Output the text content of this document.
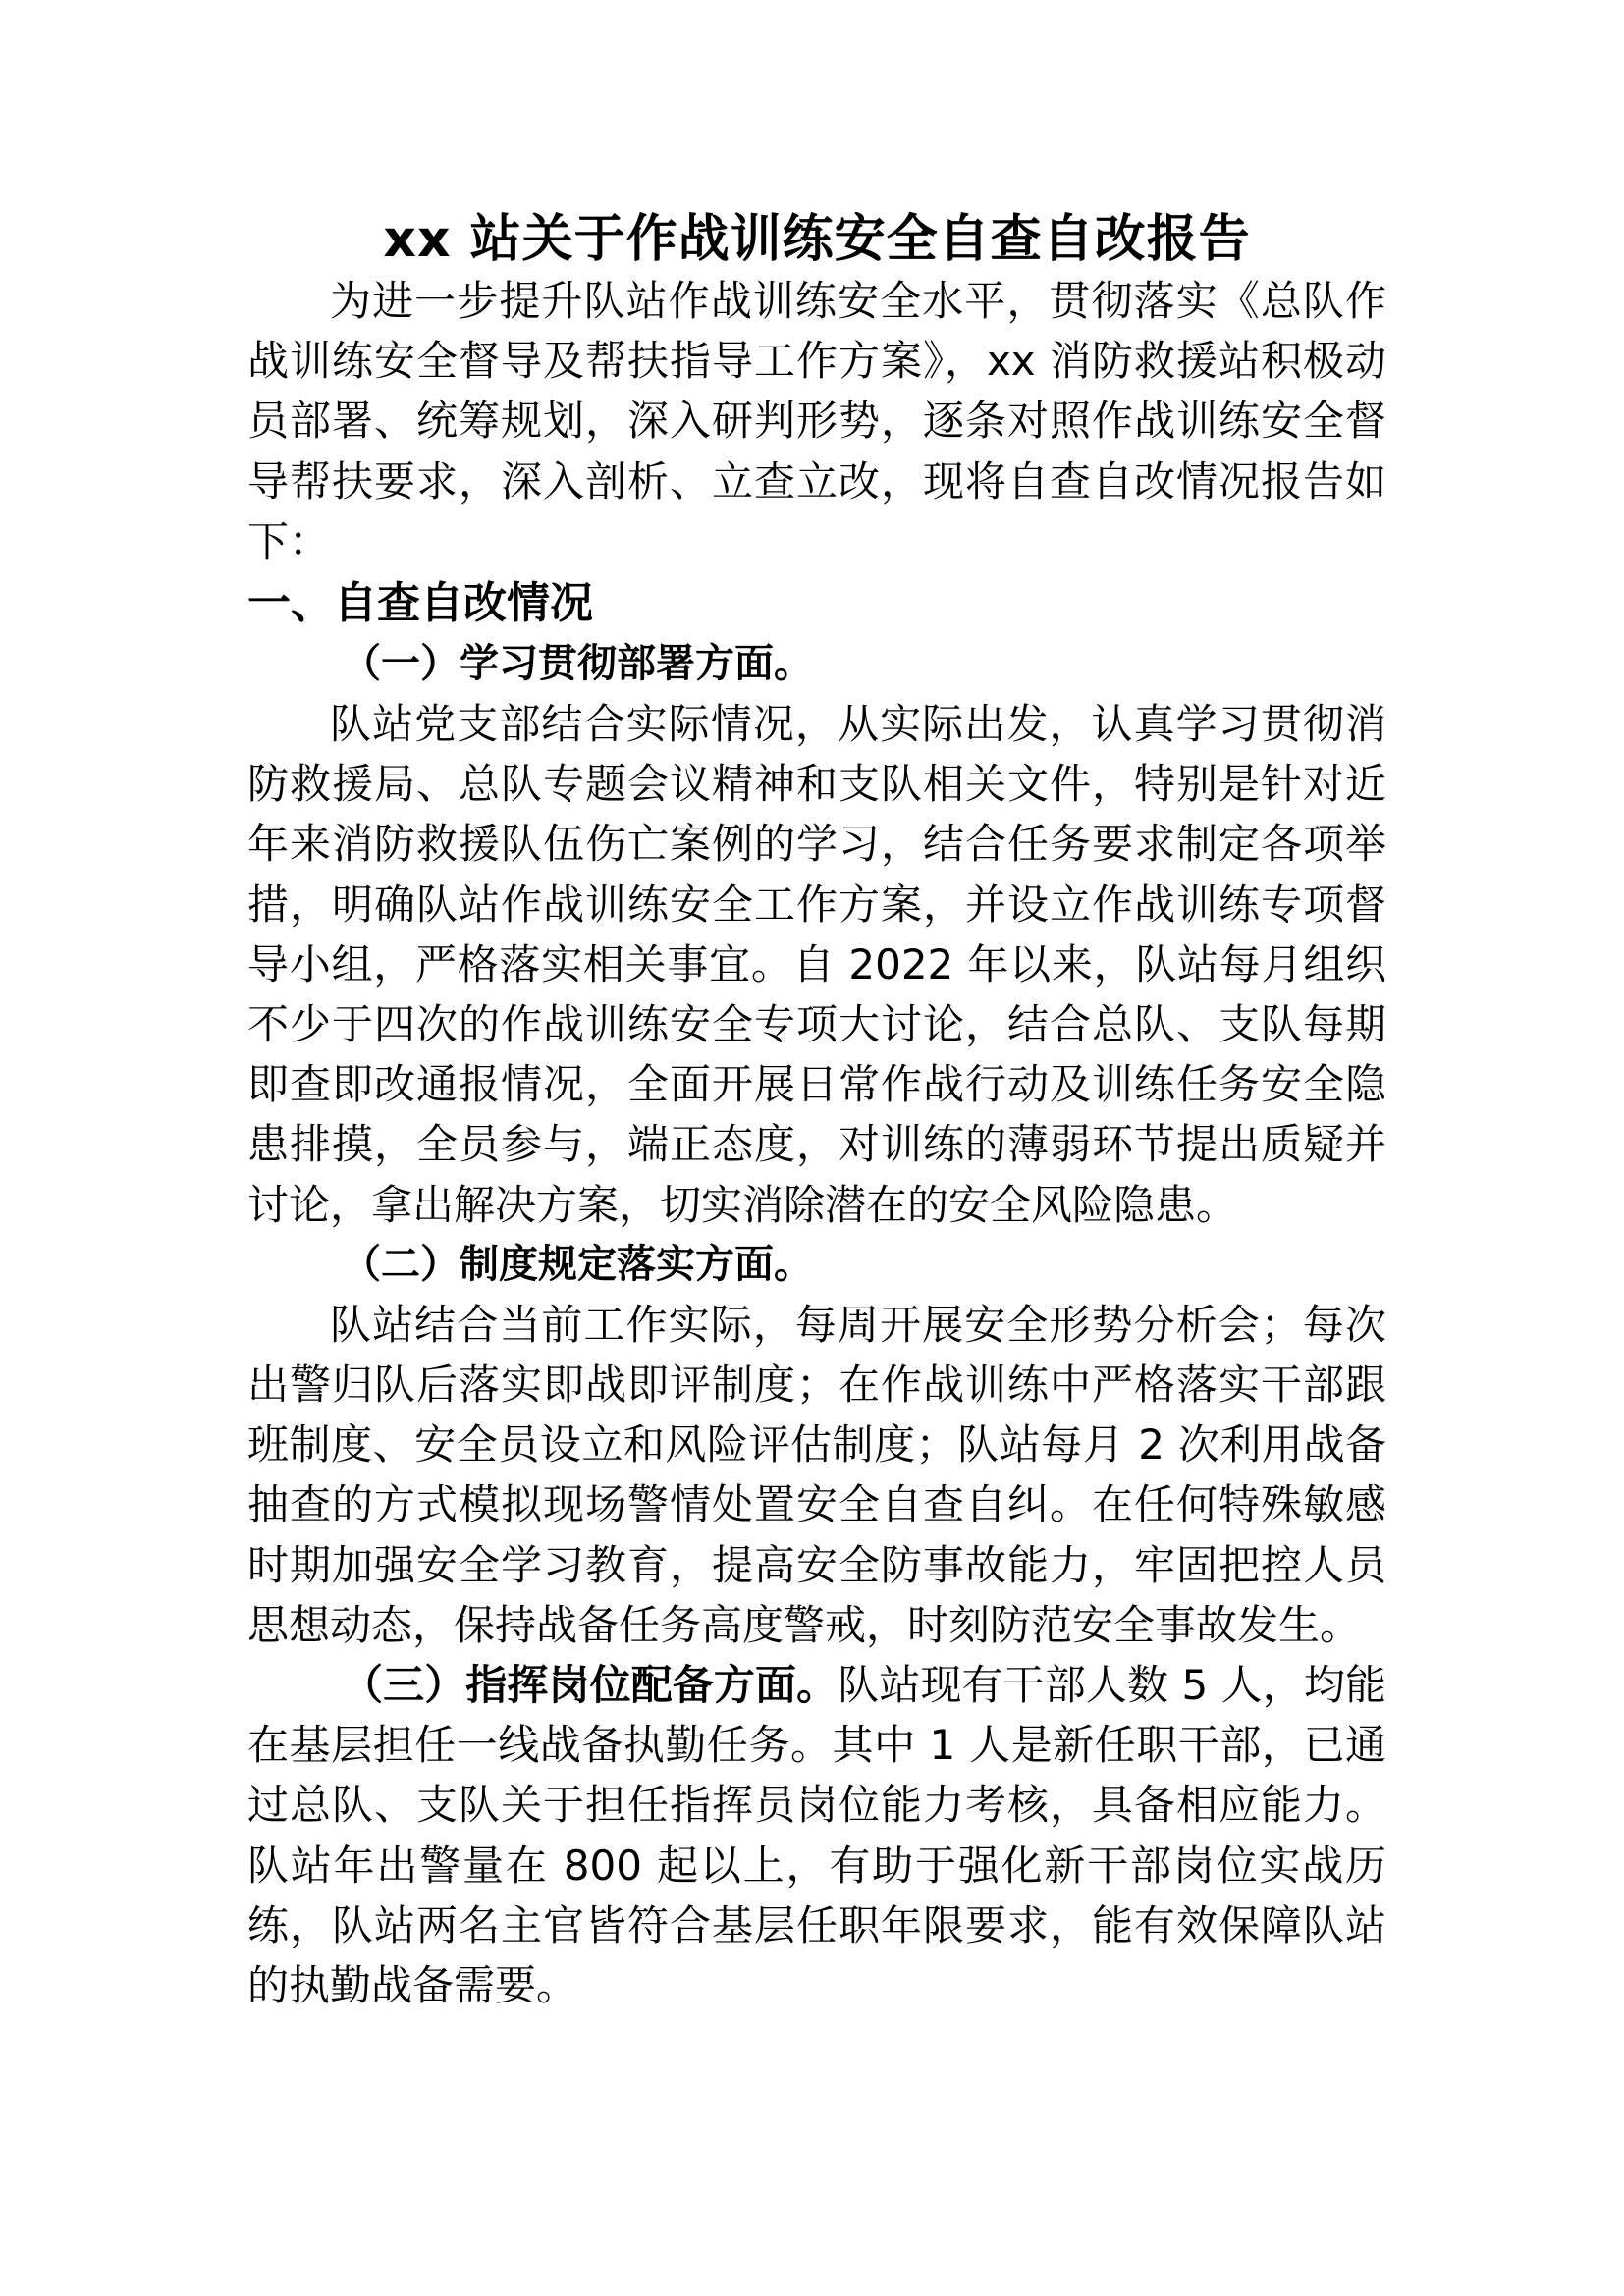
xx 站关于作战训练安全自查自改报告

为进一步提升队站作战训练安全水平，贯彻落实《总队作战训练安全督导及帮扶指导工作方案》，xx 消防救援站积极动员部署、统筹规划，深入研判形势，逐条对照作战训练安全督导帮扶要求，深入剖析、立查立改，现将自查自改情况报告如下：

一、自查自改情况
（一）学习贯彻部署方面。

队站党支部结合实际情况，从实际出发，认真学习贯彻消防救援局、总队专题会议精神和支队相关文件，特别是针对近年来消防救援队伍伤亡案例的学习，结合任务要求制定各项举措，明确队站作战训练安全工作方案，并设立作战训练专项督导小组，严格落实相关事宜。自 2022 年以来，队站每月组织不少于四次的作战训练安全专项大讨论，结合总队、支队每期即查即改通报情况，全面开展日常作战行动及训练任务安全隐患排摸，全员参与，端正态度，对训练的薄弱环节提出质疑并讨论，拿出解决方案，切实消除潜在的安全风险隐患。

（二）制度规定落实方面。

队站结合当前工作实际，每周开展安全形势分析会；每次出警归队后落实即战即评制度；在作战训练中严格落实干部跟班制度、安全员设立和风险评估制度；队站每月 2 次利用战备抽查的方式模拟现场警情处置安全自查自纠。在任何特殊敏感时期加强安全学习教育，提高安全防事故能力，牢固把控人员思想动态，保持战备任务高度警戒，时刻防范安全事故发生。

（三）指挥岗位配备方面。队站现有干部人数 5 人，均能在基层担任一线战备执勤任务。其中 1 人是新任职干部，已通过总队、支队关于担任指挥员岗位能力考核，具备相应能力。队站年出警量在 800 起以上，有助于强化新干部岗位实战历练，队站两名主官皆符合基层任职年限要求，能有效保障队站的执勤战备需要。
